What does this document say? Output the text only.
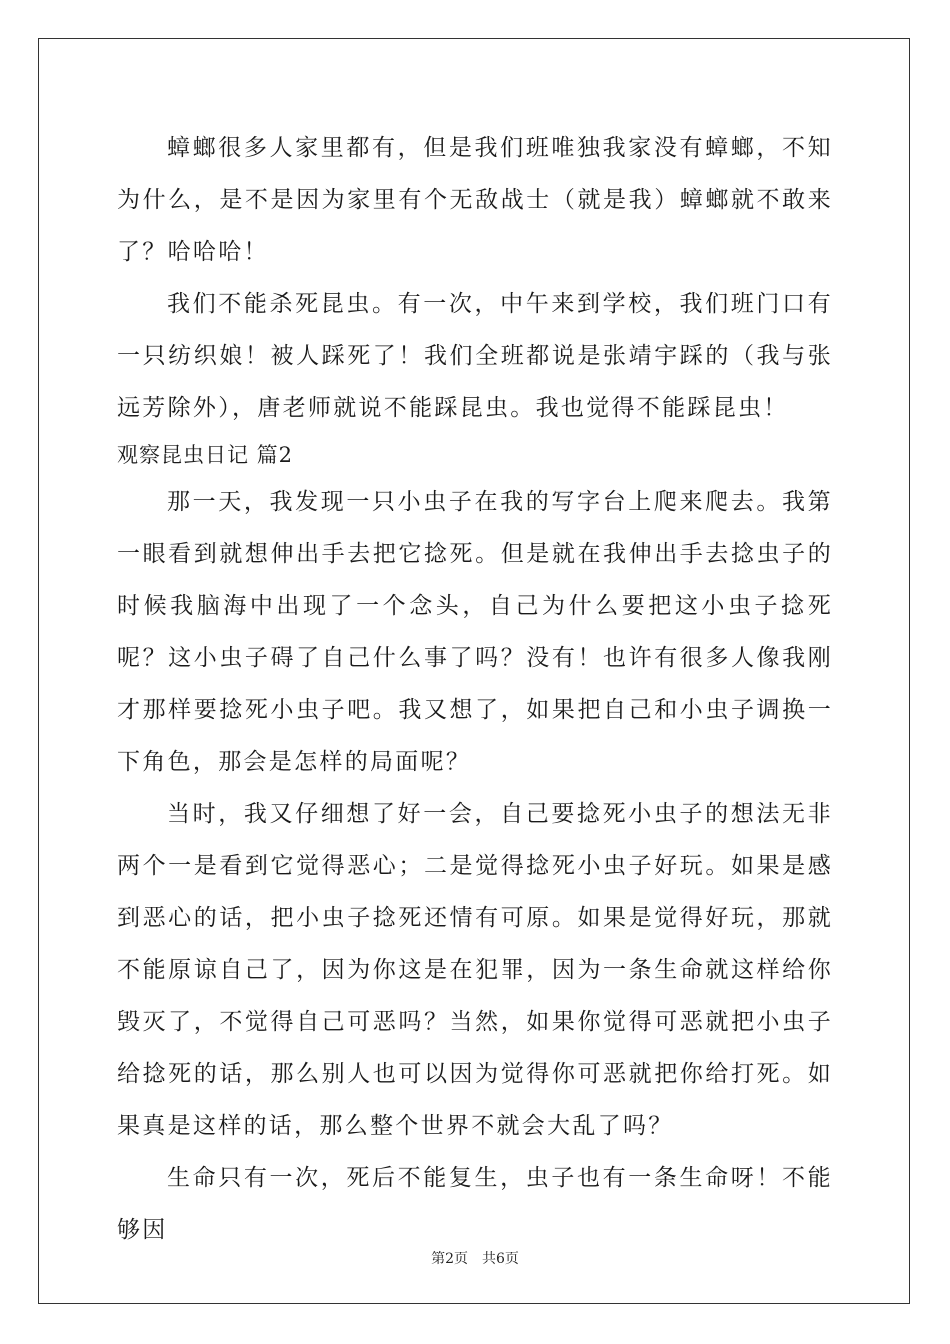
蟑螂很多人家里都有，但是我们班唯独我家没有蟑螂，不知为什么，是不是因为家里有个无敌战士（就是我）蟑螂就不敢来了？哈哈哈！

我们不能杀死昆虫。有一次，中午来到学校，我们班门口有一只纺织娘！被人踩死了！我们全班都说是张靖宇踩的（我与张远芳除外），唐老师就说不能踩昆虫。我也觉得不能踩昆虫！

观察昆虫日记 篇2

那一天，我发现一只小虫子在我的写字台上爬来爬去。我第一眼看到就想伸出手去把它捻死。但是就在我伸出手去捻虫子的时候我脑海中出现了一个念头，自己为什么要把这小虫子捻死呢？这小虫子碍了自己什么事了吗？没有！也许有很多人像我刚才那样要捻死小虫子吧。我又想了，如果把自己和小虫子调换一下角色，那会是怎样的局面呢？

当时，我又仔细想了好一会，自己要捻死小虫子的想法无非两个一是看到它觉得恶心；二是觉得捻死小虫子好玩。如果是感到恶心的话，把小虫子捻死还情有可原。如果是觉得好玩，那就不能原谅自己了，因为你这是在犯罪，因为一条生命就这样给你毁灭了，不觉得自己可恶吗？当然，如果你觉得可恶就把小虫子给捻死的话，那么别人也可以因为觉得你可恶就把你给打死。如果真是这样的话，那么整个世界不就会大乱了吗？

生命只有一次，死后不能复生，虫子也有一条生命呀！不能够因

第2页　共6页
